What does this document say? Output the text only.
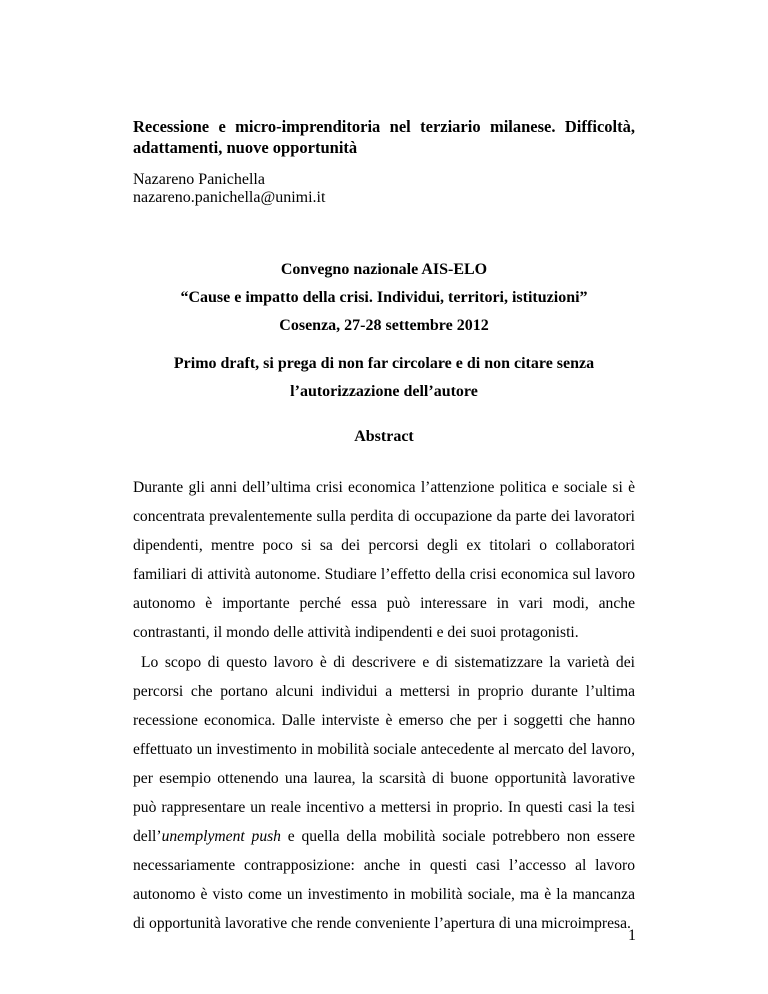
Recessione e micro-imprenditoria nel terziario milanese. Difficoltà, adattamenti, nuove opportunità
Nazareno Panichella
nazareno.panichella@unimi.it
Convegno nazionale AIS-ELO
“Cause e impatto della crisi. Individui, territori, istituzioni”
Cosenza, 27-28 settembre 2012
Primo draft, si prega di non far circolare e di non citare senza l’autorizzazione dell’autore
Abstract

Durante gli anni dell’ultima crisi economica l’attenzione politica e sociale si è concentrata prevalentemente sulla perdita di occupazione da parte dei lavoratori dipendenti, mentre poco si sa dei percorsi degli ex titolari o collaboratori familiari di attività autonome. Studiare l’effetto della crisi economica sul lavoro autonomo è importante perché essa può interessare in vari modi, anche contrastanti, il mondo delle attività indipendenti e dei suoi protagonisti.

Lo scopo di questo lavoro è di descrivere e di sistematizzare la varietà dei percorsi che portano alcuni individui a mettersi in proprio durante l’ultima recessione economica. Dalle interviste è emerso che per i soggetti che hanno effettuato un investimento in mobilità sociale antecedente al mercato del lavoro, per esempio ottenendo una laurea, la scarsità di buone opportunità lavorative può rappresentare un reale incentivo a mettersi in proprio. In questi casi la tesi dell’unemplyment push e quella della mobilità sociale potrebbero non essere necessariamente contrapposizione: anche in questi casi l’accesso al lavoro autonomo è visto come un investimento in mobilità sociale, ma è la mancanza di opportunità lavorative che rende conveniente l’apertura di una microimpresa.

1
